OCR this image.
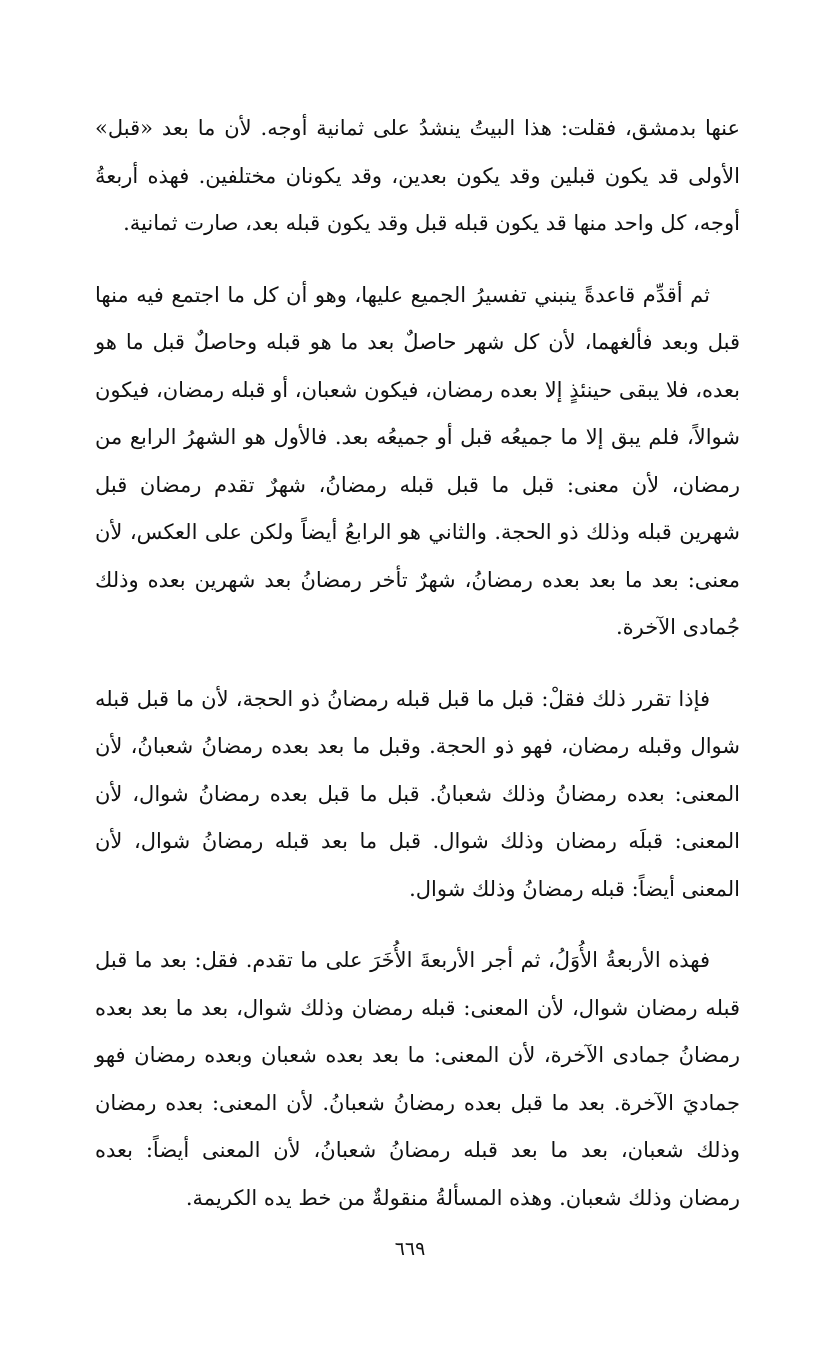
عنها بدمشق، فقلت: هذا البيتُ ينشدُ على ثمانية أوجه. لأن ما بعد «قبل» الأولى قد يكون قبلين وقد يكون بعدين، وقد يكونان مختلفين. فهذه أربعةُ أوجه، كل واحد منها قد يكون قبله قبل وقد يكون قبله بعد، صارت ثمانية.

ثم أقدِّم قاعدةً ينبني تفسيرُ الجميع عليها، وهو أن كل ما اجتمع فيه منها قبل وبعد فألغهما، لأن كل شهر حاصلٌ بعد ما هو قبله وحاصلٌ قبل ما هو بعده، فلا يبقى حينئذٍ إلا بعده رمضان، فيكون شعبان، أو قبله رمضان، فيكون شوالاً، فلم يبق إلا ما جميعُه قبل أو جميعُه بعد. فالأول هو الشهرُ الرابع من رمضان، لأن معنى: قبل ما قبل قبله رمضانُ، شهرٌ تقدم رمضان قبل شهرين قبله وذلك ذو الحجة. والثاني هو الرابعُ أيضاً ولكن على العكس، لأن معنى: بعد ما بعد بعده رمضانُ، شهرٌ تأخر رمضانُ بعد شهرين بعده وذلك جُمادى الآخرة.

فإذا تقرر ذلك فقلْ: قبل ما قبل قبله رمضانُ ذو الحجة، لأن ما قبل قبله شوال وقبله رمضان، فهو ذو الحجة. وقبل ما بعد بعده رمضانُ شعبانُ، لأن المعنى: بعده رمضانُ وذلك شعبانُ. قبل ما قبل بعده رمضانُ شوال، لأن المعنى: قبلَه رمضان وذلك شوال. قبل ما بعد قبله رمضانُ شوال، لأن المعنى أيضاً: قبله رمضانُ وذلك شوال.

فهذه الأربعةُ الأُوَلُ، ثم أجر الأربعةَ الأُخَرَ على ما تقدم. فقل: بعد ما قبل قبله رمضان شوال، لأن المعنى: قبله رمضان وذلك شوال، بعد ما بعد بعده رمضانُ جمادى الآخرة، لأن المعنى: ما بعد بعده شعبان وبعده رمضان فهو جماديَ الآخرة. بعد ما قبل بعده رمضانُ شعبانُ. لأن المعنى: بعده رمضان وذلك شعبان، بعد ما بعد قبله رمضانُ شعبانُ، لأن المعنى أيضاً: بعده رمضان وذلك شعبان. وهذه المسألةُ منقولةٌ من خط يده الكريمة.

٦٦٩
